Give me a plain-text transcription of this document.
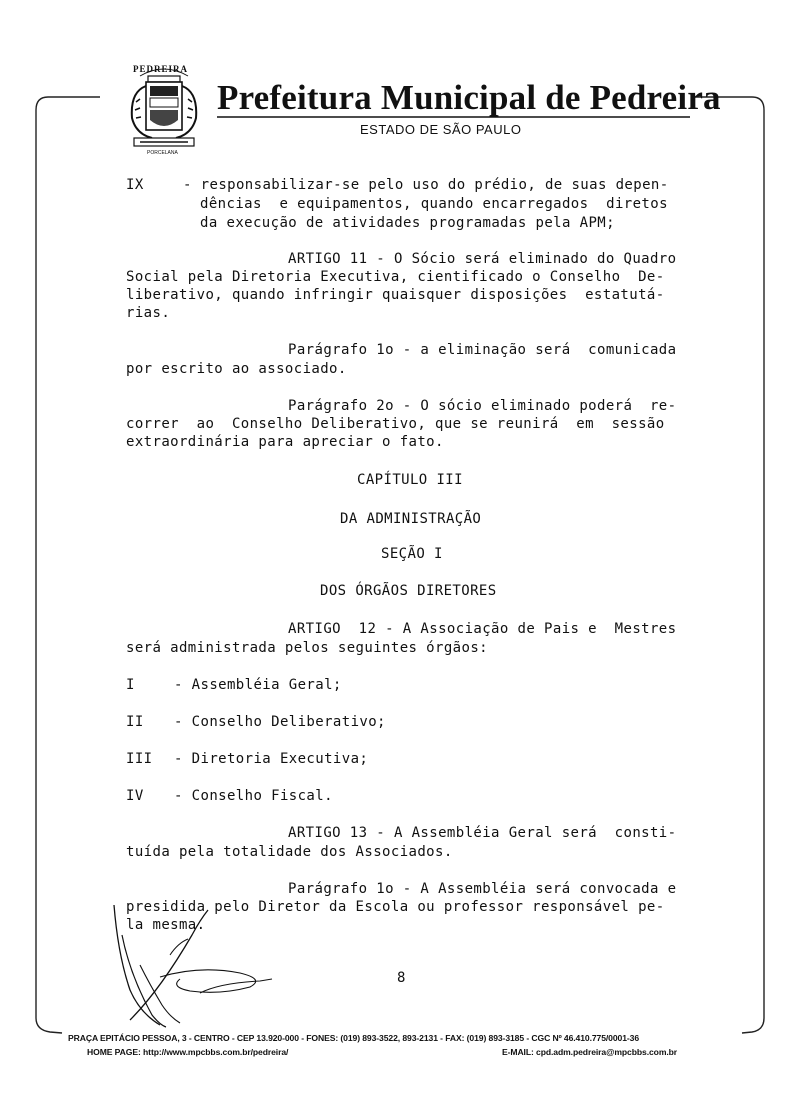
PEDREIRA
PORCELANA
Prefeitura Municipal de Pedreira
ESTADO DE SÃO PAULO
IX	- responsabilizar-se pelo uso do prédio, de suas depen-
dências  e equipamentos, quando encarregados  diretos
da execução de atividades programadas pela APM;
ARTIGO 11 - O Sócio será eliminado do Quadro
Social pela Diretoria Executiva, cientificado o Conselho  De-
liberativo, quando infringir quaisquer disposições  estatutá-
rias.
Parágrafo 1o - a eliminação será  comunicada
por escrito ao associado.
Parágrafo 2o - O sócio eliminado poderá  re-
correr  ao  Conselho Deliberativo, que se reunirá  em  sessão
extraordinária para apreciar o fato.
CAPÍTULO III
DA ADMINISTRAÇÃO
SEÇÃO I
DOS ÓRGÃOS DIRETORES
ARTIGO  12 - A Associação de Pais e  Mestres
será administrada pelos seguintes órgãos:
I	- Assembléia Geral;
II - Conselho Deliberativo;
III - Diretoria Executiva;
IV - Conselho Fiscal.
ARTIGO 13 - A Assembléia Geral será  consti-
tuída pela totalidade dos Associados.
Parágrafo 1o - A Assembléia será convocada e
presidida pelo Diretor da Escola ou professor responsável pe-
la mesma.
8
PRAÇA EPITÁCIO PESSOA, 3 - CENTRO - CEP 13.920-000 - FONES: (019) 893-3522, 893-2131 - FAX: (019) 893-3185 - CGC Nº 46.410.775/0001-36
HOME PAGE: http://www.mpcbbs.com.br/pedreira/	E-MAIL: cpd.adm.pedreira@mpcbbs.com.br
